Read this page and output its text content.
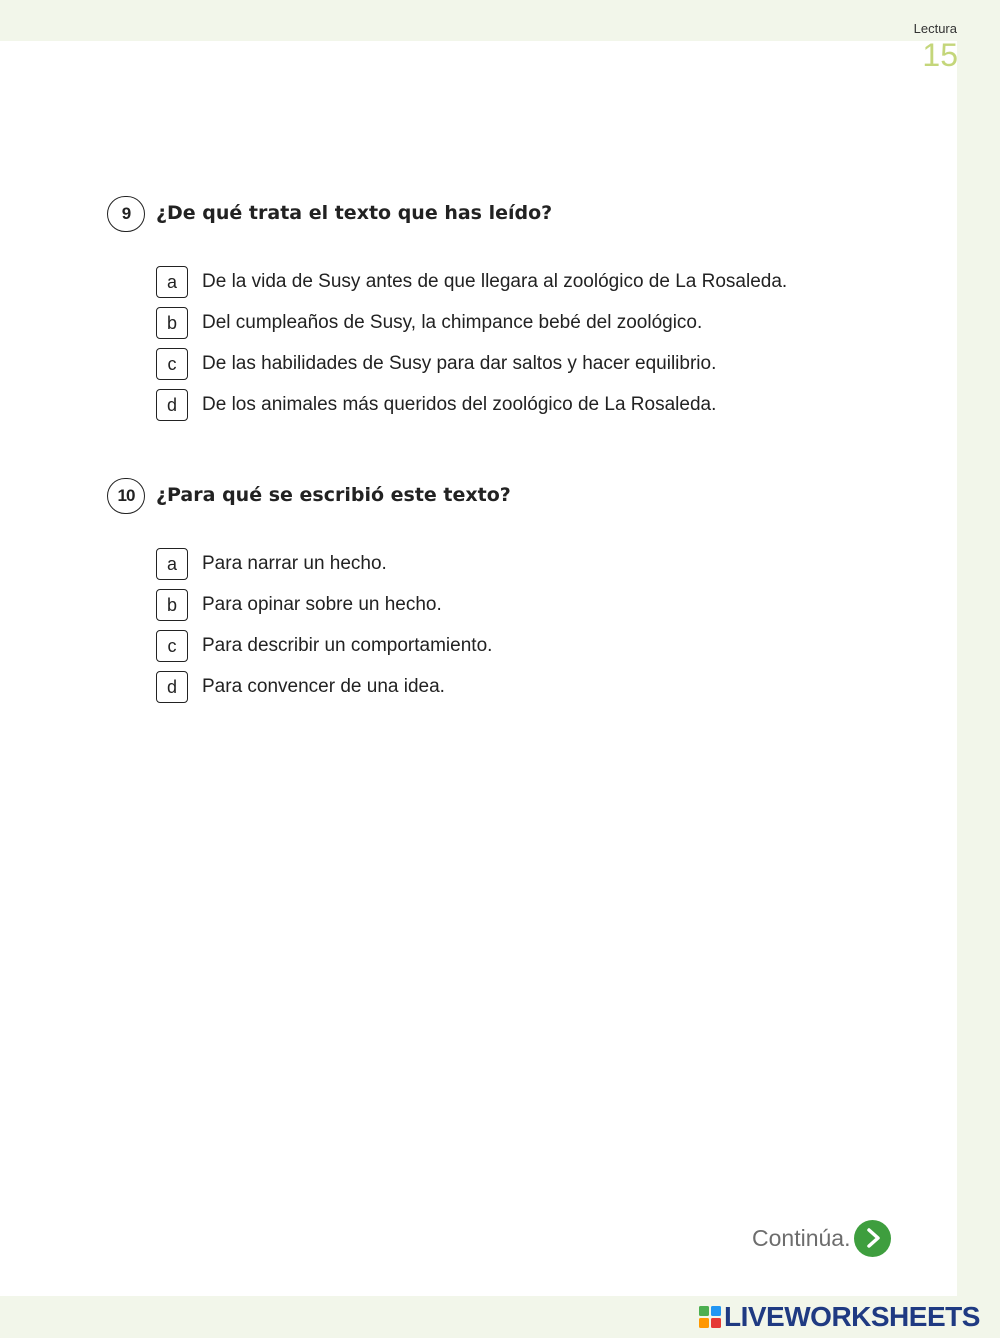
Lectura
15
9	¿De qué trata el texto que has leído?
a	De la vida de Susy antes de que llegara al zoológico de La Rosaleda.
b	Del cumpleaños de Susy, la chimpance bebé del zoológico.
c	De las habilidades de Susy para dar saltos y hacer equilibrio.
d	De los animales más queridos del zoológico de La Rosaleda.
10	¿Para qué se escribió este texto?
a	Para narrar un hecho.
b	Para opinar sobre un hecho.
c	Para describir un comportamiento.
d	Para convencer de una idea.
Continúa.
LIVEWORKSHEETS
